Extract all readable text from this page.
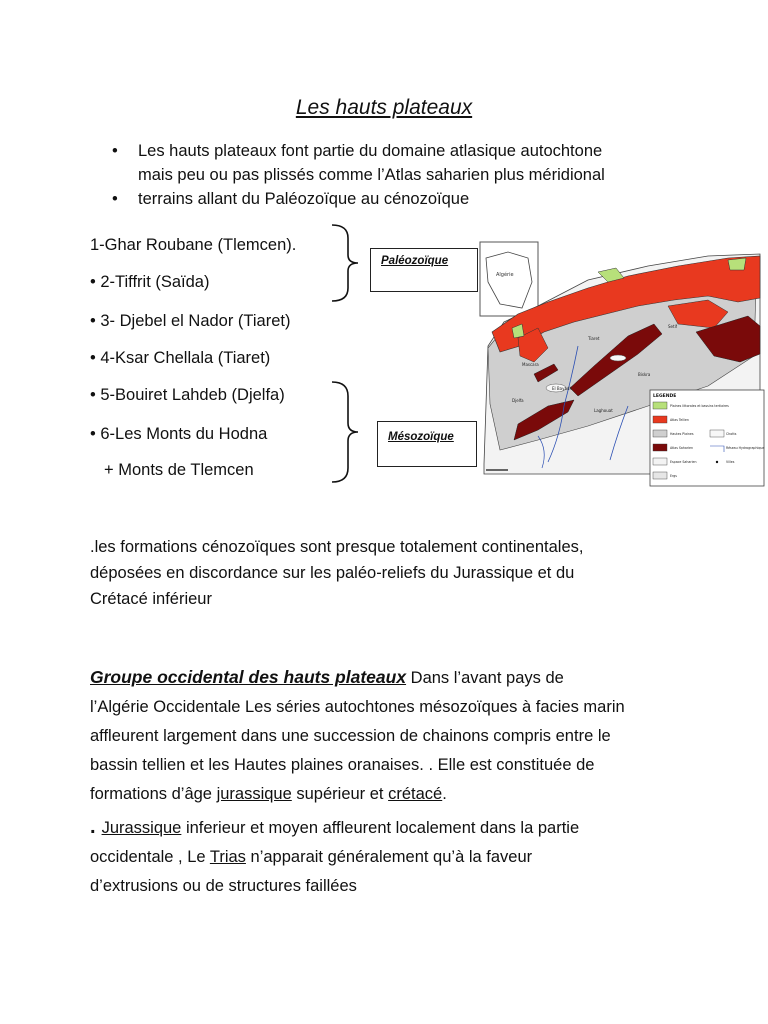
Les hauts plateaux
• Les hauts plateaux font partie du domaine atlasique autochtone
mais peu ou pas plissés comme l’Atlas saharien plus méridional
• terrains allant du Paléozoïque au cénozoïque
1-Ghar Roubane (Tlemcen).
• 2-Tiffrit (Saïda)
• 3- Djebel el Nador (Tiaret)
• 4-Ksar Chellala (Tiaret)
• 5-Bouiret Lahdeb (Djelfa)
• 6-Les Monts du Hodna
+ Monts de Tlemcen
Paléozoïque
Mésozoïque
Algérie
Mascara
Tiaret
Djelfa
Laghouat
El Bayadh
Biskra
Setif
LEGENDE
Plaines littorales et bassins tertiaires
Atlas Tellien
Hautes Plaines
Atlas Saharien
Espace Saharien
Ergs
Chotts
Réseau Hydrographique
Villes
.les formations cénozoïques sont presque totalement continentales,
déposées en discordance sur les paléo-reliefs du Jurassique et du
Crétacé inférieur
Groupe occidental des hauts plateaux Dans l’avant pays de
l’Algérie Occidentale Les séries autochtones mésozoïques à facies marin
affleurent largement dans une succession de chainons compris entre le
bassin tellien et les Hautes plaines oranaises. . Elle est constituée de
formations d’âge jurassique supérieur et crétacé.
. Jurassique inferieur et moyen affleurent localement dans la partie
occidentale , Le Trias n’apparait généralement qu’à la faveur
d’extrusions ou de structures faillées
